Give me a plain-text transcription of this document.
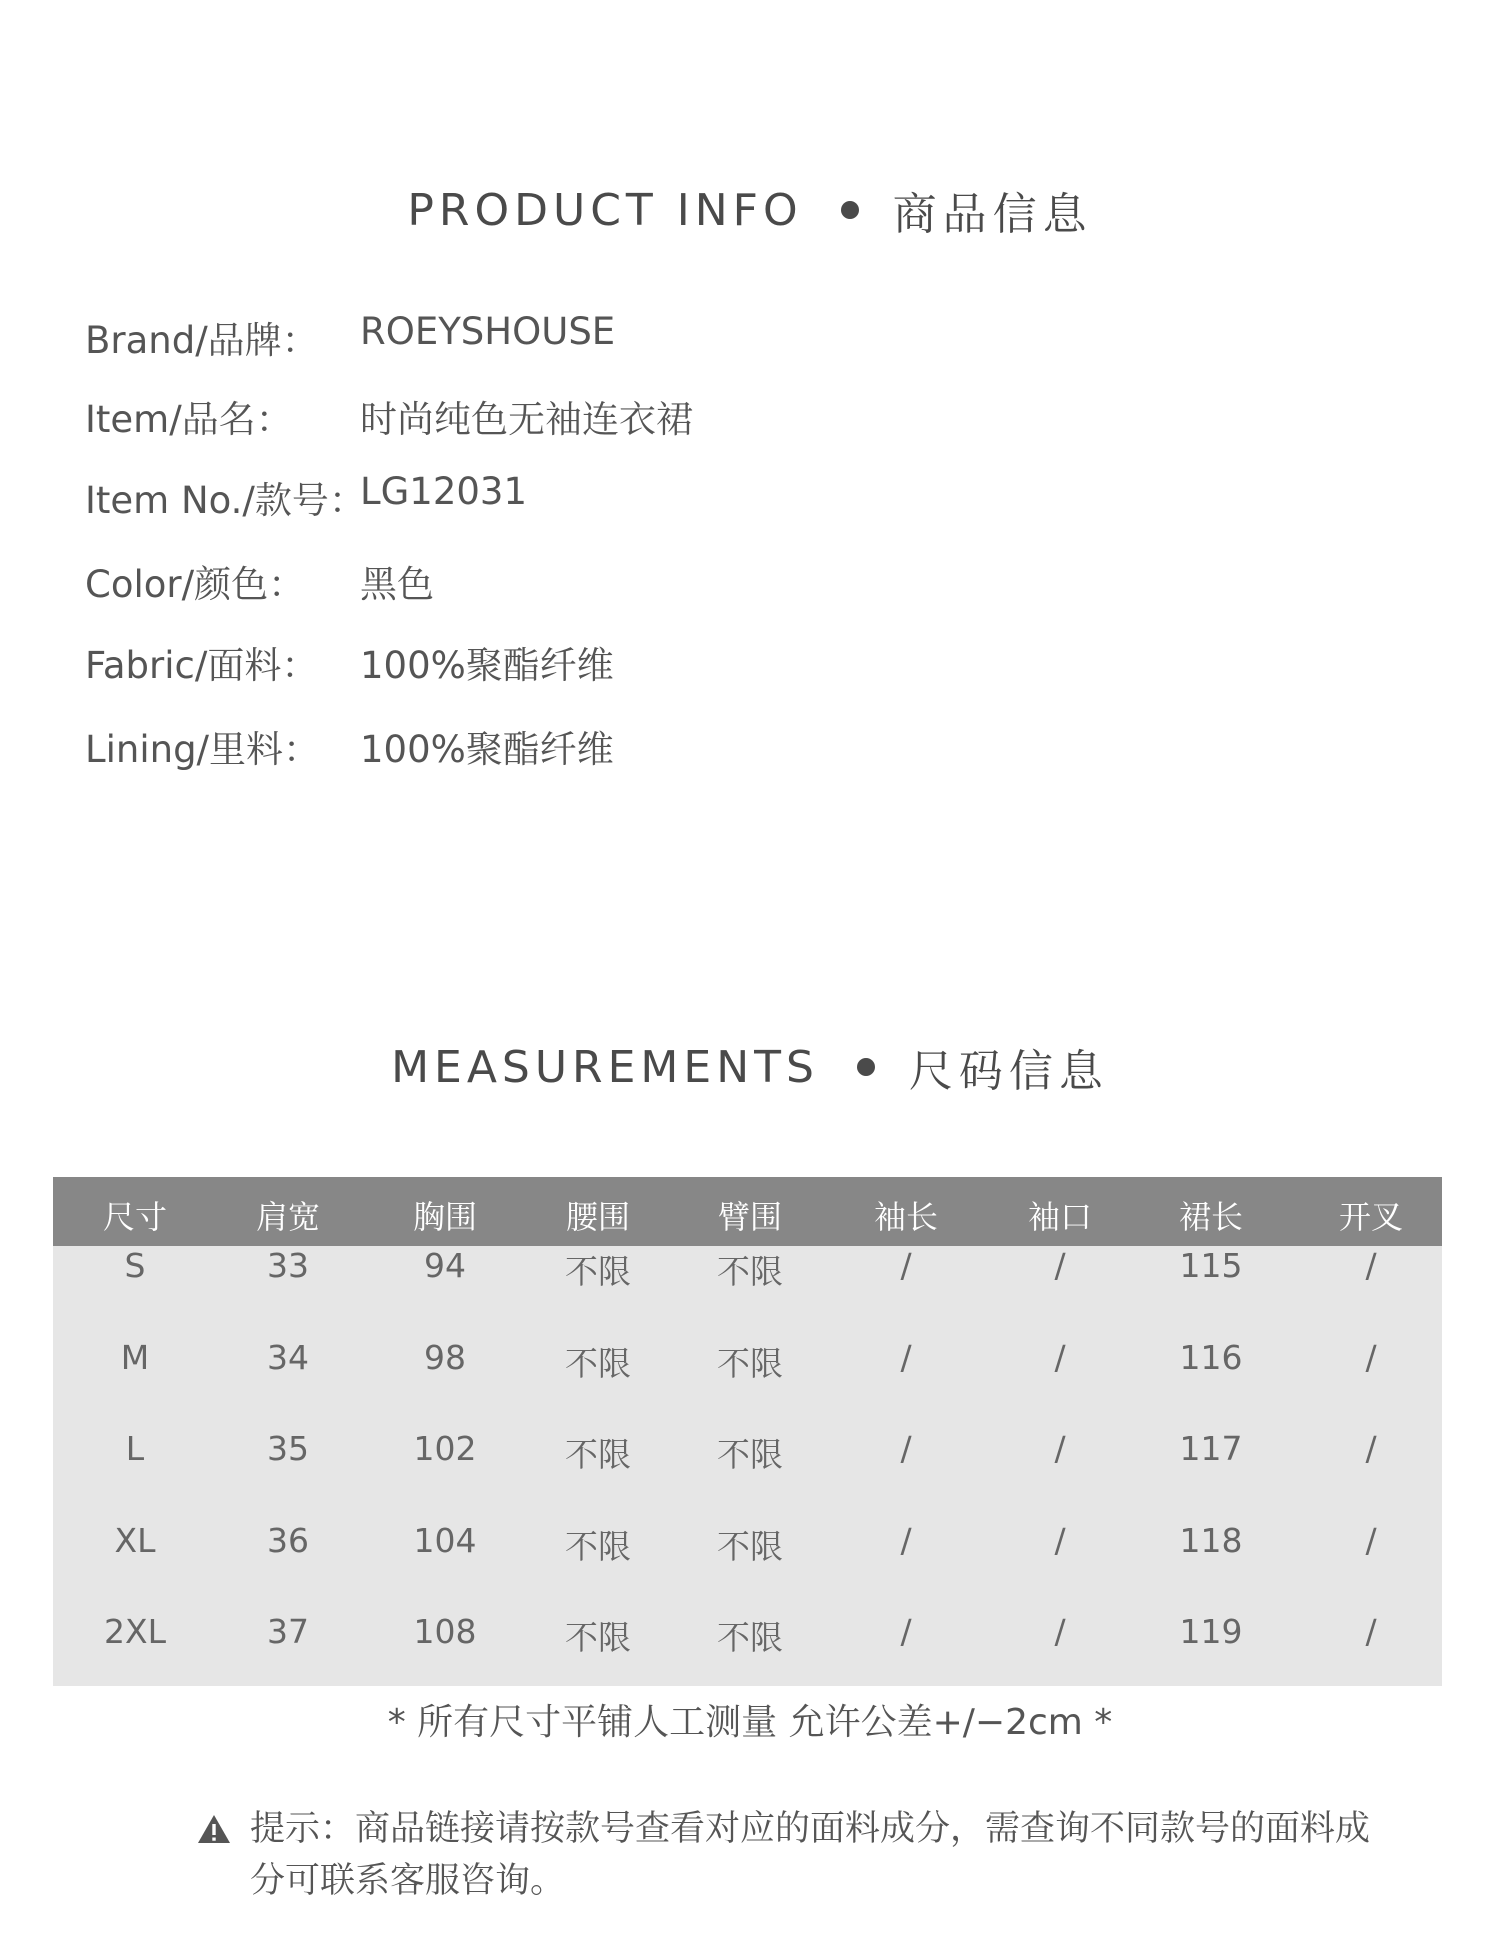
PRODUCT INFO 商品信息
Brand/品牌： ROEYSHOUSE
Item/品名： 时尚纯色无袖连衣裙
Item No./款号：
LG12031
Color/颜色： 黑色
Fabric/面料： 100%聚酯纤维
Lining/里料： 100%聚酯纤维
MEASUREMENTS 尺码信息
尺寸	肩宽	胸围	腰围	臂围	袖长	袖口	裙长	开叉
S	33	94	不限	不限	/	/	115	/
M	34	98	不限	不限	/	/	116	/
L	35	102	不限	不限	/	/	117	/
XL	36	104	不限	不限	/	/	118	/
2XL	37	108	不限	不限	/	/	119	/
* 所有尺寸平铺人工测量 允许公差+/−2cm *
提示：商品链接请按款号查看对应的面料成分，需查询不同款号的面料成分可联系客服咨询。
